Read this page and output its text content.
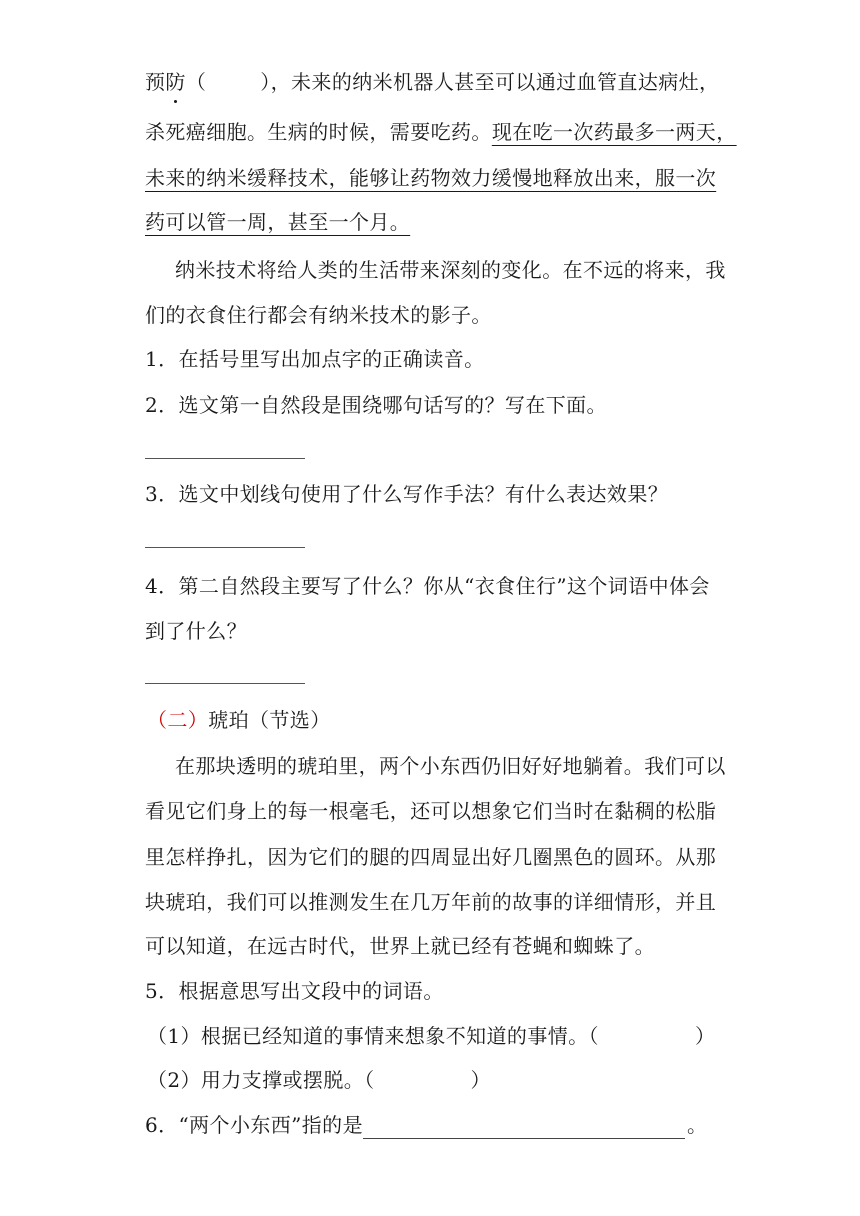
预防（	），未来的纳米机器人甚至可以通过血管直达病灶，
杀死癌细胞。生病的时候，需要吃药。现在吃一次药最多一两天，
未来的纳米缓释技术，能够让药物效力缓慢地释放出来，服一次
药可以管一周，甚至一个月。
纳米技术将给人类的生活带来深刻的变化。在不远的将来，我
们的衣食住行都会有纳米技术的影子。
1．在括号里写出加点字的正确读音。
2．选文第一自然段是围绕哪句话写的？写在下面。
3．选文中划线句使用了什么写作手法？有什么表达效果？
4．第二自然段主要写了什么？你从“衣食住行”这个词语中体会
到了什么？
（二）琥珀（节选）
在那块透明的琥珀里，两个小东西仍旧好好地躺着。我们可以
看见它们身上的每一根毫毛，还可以想象它们当时在黏稠的松脂
里怎样挣扎，因为它们的腿的四周显出好几圈黑色的圆环。从那
块琥珀，我们可以推测发生在几万年前的故事的详细情形，并且
可以知道，在远古时代，世界上就已经有苍蝇和蜘蛛了。
5．根据意思写出文段中的词语。
（1）根据已经知道的事情来想象不知道的事情。（	）
（2）用力支撑或摆脱。（	）
6．“两个小东西”指的是	。
